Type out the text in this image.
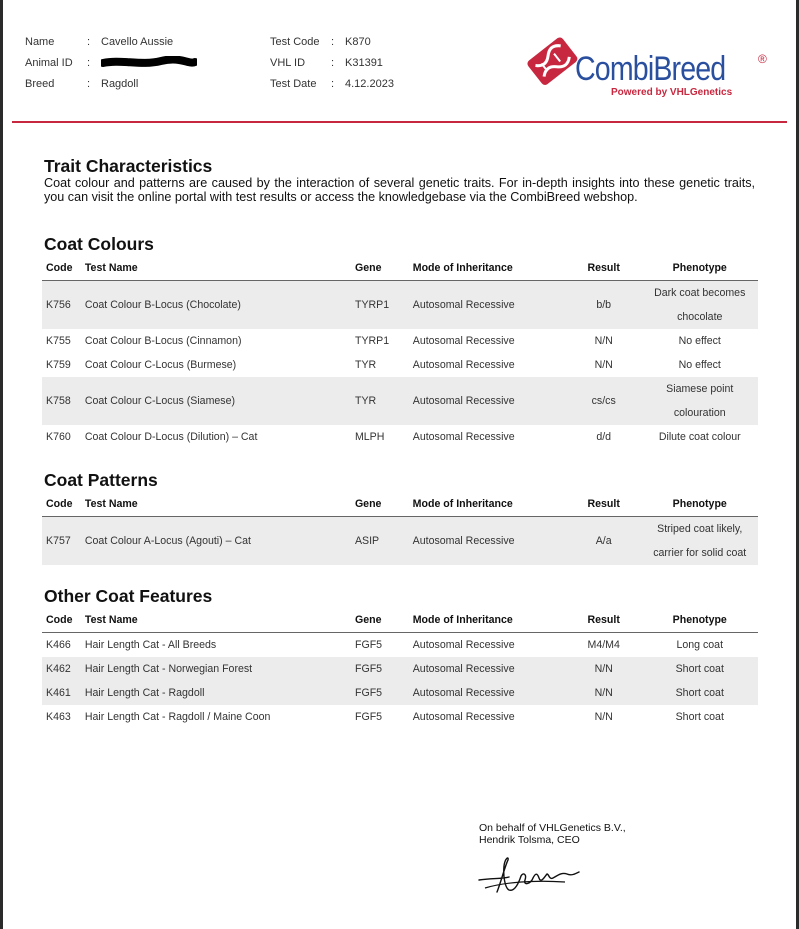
Name	: Cavello Aussie
Animal ID :
Breed	: Ragdoll
Test Code : K870
VHL ID : K31391
Test Date : 4.12.2023	CombiBreed	®
Powered by VHLGenetics
Trait Characteristics

Coat colour and patterns are caused by the interaction of several genetic traits. For in-depth insights into these genetic traits, you can visit the online portal with test results or access the knowledgebase via the CombiBreed webshop.

Coat Colours
Code	Test Name	Gene	Mode of Inheritance	Result	Phenotype
K756	Coat Colour B-Locus (Chocolate)	TYRP1	Autosomal Recessive	b/b	Dark coat becomes chocolate
K755	Coat Colour B-Locus (Cinnamon)	TYRP1	Autosomal Recessive	N/N	No effect
K759	Coat Colour C-Locus (Burmese)	TYR	Autosomal Recessive	N/N	No effect
K758	Coat Colour C-Locus (Siamese)	TYR	Autosomal Recessive	cs/cs	Siamese point colouration
K760	Coat Colour D-Locus (Dilution) – Cat	MLPH	Autosomal Recessive	d/d	Dilute coat colour
Coat Patterns
Code	Test Name	Gene	Mode of Inheritance	Result	Phenotype
K757	Coat Colour A-Locus (Agouti) – Cat	ASIP	Autosomal Recessive	A/a	Striped coat likely, carrier for solid coat
Other Coat Features
Code	Test Name	Gene	Mode of Inheritance	Result	Phenotype
K466	Hair Length Cat - All Breeds	FGF5	Autosomal Recessive	M4/M4	Long coat
K462	Hair Length Cat - Norwegian Forest	FGF5	Autosomal Recessive	N/N	Short coat
K461	Hair Length Cat - Ragdoll	FGF5	Autosomal Recessive	N/N	Short coat
K463	Hair Length Cat - Ragdoll / Maine Coon	FGF5	Autosomal Recessive	N/N	Short coat
On behalf of VHLGenetics B.V.,
Hendrik Tolsma, CEO
